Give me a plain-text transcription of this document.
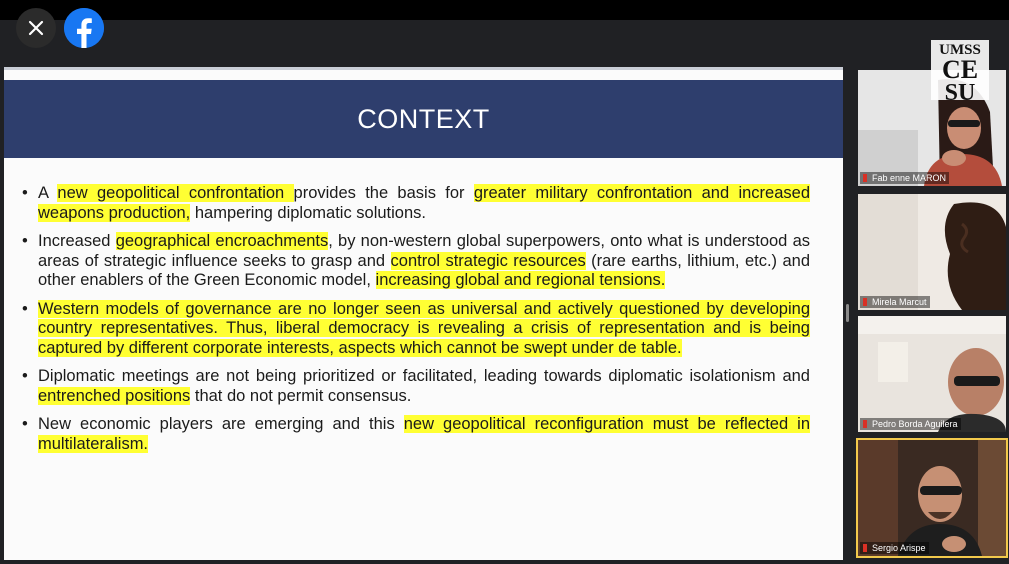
CONTEXT
• A new geopolitical confrontation provides the basis for greater military confrontation and increased weapons production, hampering diplomatic solutions.
• Increased geographical encroachments, by non-western global superpowers, onto what is understood as areas of strategic influence seeks to grasp and control strategic resources (rare earths, lithium, etc.) and other enablers of the Green Economic model, increasing global and regional tensions.
• Western models of governance are no longer seen as universal and actively questioned by developing country representatives. Thus, liberal democracy is revealing a crisis of representation and is being captured by different corporate interests, aspects which cannot be swept under de table.
• Diplomatic meetings are not being prioritized or facilitated, leading towards diplomatic isolationism and entrenched positions that do not permit consensus.
• New economic players are emerging and this new geopolitical reconfiguration must be reflected in multilateralism.
Fab enne MARON
Mirela Marcut
Pedro Borda Aguilera
Sergio Arispe
UMSS
CE
SU
